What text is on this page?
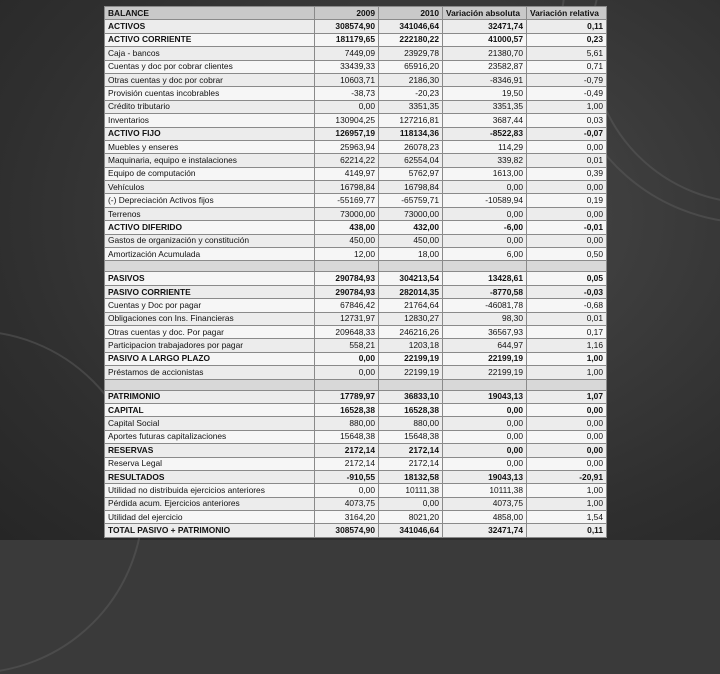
BALANCE	2009	2010	Variación absoluta	Variación relativa
ACTIVOS	308574,90	341046,64	32471,74	0,11
ACTIVO CORRIENTE	181179,65	222180,22	41000,57	0,23
Caja - bancos	7449,09	23929,78	21380,70	5,61
Cuentas y doc por cobrar clientes	33439,33	65916,20	23582,87	0,71
Otras cuentas y doc por cobrar	10603,71	2186,30	-8346,91	-0,79
Provisión cuentas incobrables	-38,73	-20,23	19,50	-0,49
Crédito tributario	0,00	3351,35	3351,35	1,00
Inventarios	130904,25	127216,81	3687,44	0,03
ACTIVO FIJO	126957,19	118134,36	-8522,83	-0,07
Muebles y enseres	25963,94	26078,23	114,29	0,00
Maquinaria, equipo e instalaciones	62214,22	62554,04	339,82	0,01
Equipo de computación	4149,97	5762,97	1613,00	0,39
Vehículos	16798,84	16798,84	0,00	0,00
(-) Depreciación Activos fijos	-55169,77	-65759,71	-10589,94	0,19
Terrenos	73000,00	73000,00	0,00	0,00
ACTIVO DIFERIDO	438,00	432,00	-6,00	-0,01
Gastos de organización y constitución	450,00	450,00	0,00	0,00
Amortización Acumulada	12,00	18,00	6,00	0,50

PASIVOS	290784,93	304213,54	13428,61	0,05
PASIVO CORRIENTE	290784,93	282014,35	-8770,58	-0,03
Cuentas y Doc por pagar	67846,42	21764,64	-46081,78	-0,68
Obligaciones con Ins. Financieras	12731,97	12830,27	98,30	0,01
Otras cuentas y doc. Por pagar	209648,33	246216,26	36567,93	0,17
Participacion trabajadores por pagar	558,21	1203,18	644,97	1,16
PASIVO A LARGO PLAZO	0,00	22199,19	22199,19	1,00
Préstamos de accionistas	0,00	22199,19	22199,19	1,00

PATRIMONIO	17789,97	36833,10	19043,13	1,07
CAPITAL	16528,38	16528,38	0,00	0,00
Capital Social	880,00	880,00	0,00	0,00
Aportes futuras capitalizaciones	15648,38	15648,38	0,00	0,00
RESERVAS	2172,14	2172,14	0,00	0,00
Reserva Legal	2172,14	2172,14	0,00	0,00
RESULTADOS	-910,55	18132,58	19043,13	-20,91
Utilidad no distribuida ejercicios anteriores	0,00	10111,38	10111,38	1,00
Pérdida acum. Ejercicios anteriores	4073,75	0,00	4073,75	1,00
Utilidad del ejercicio	3164,20	8021,20	4858,00	1,54
TOTAL PASIVO + PATRIMONIO	308574,90	341046,64	32471,74	0,11
